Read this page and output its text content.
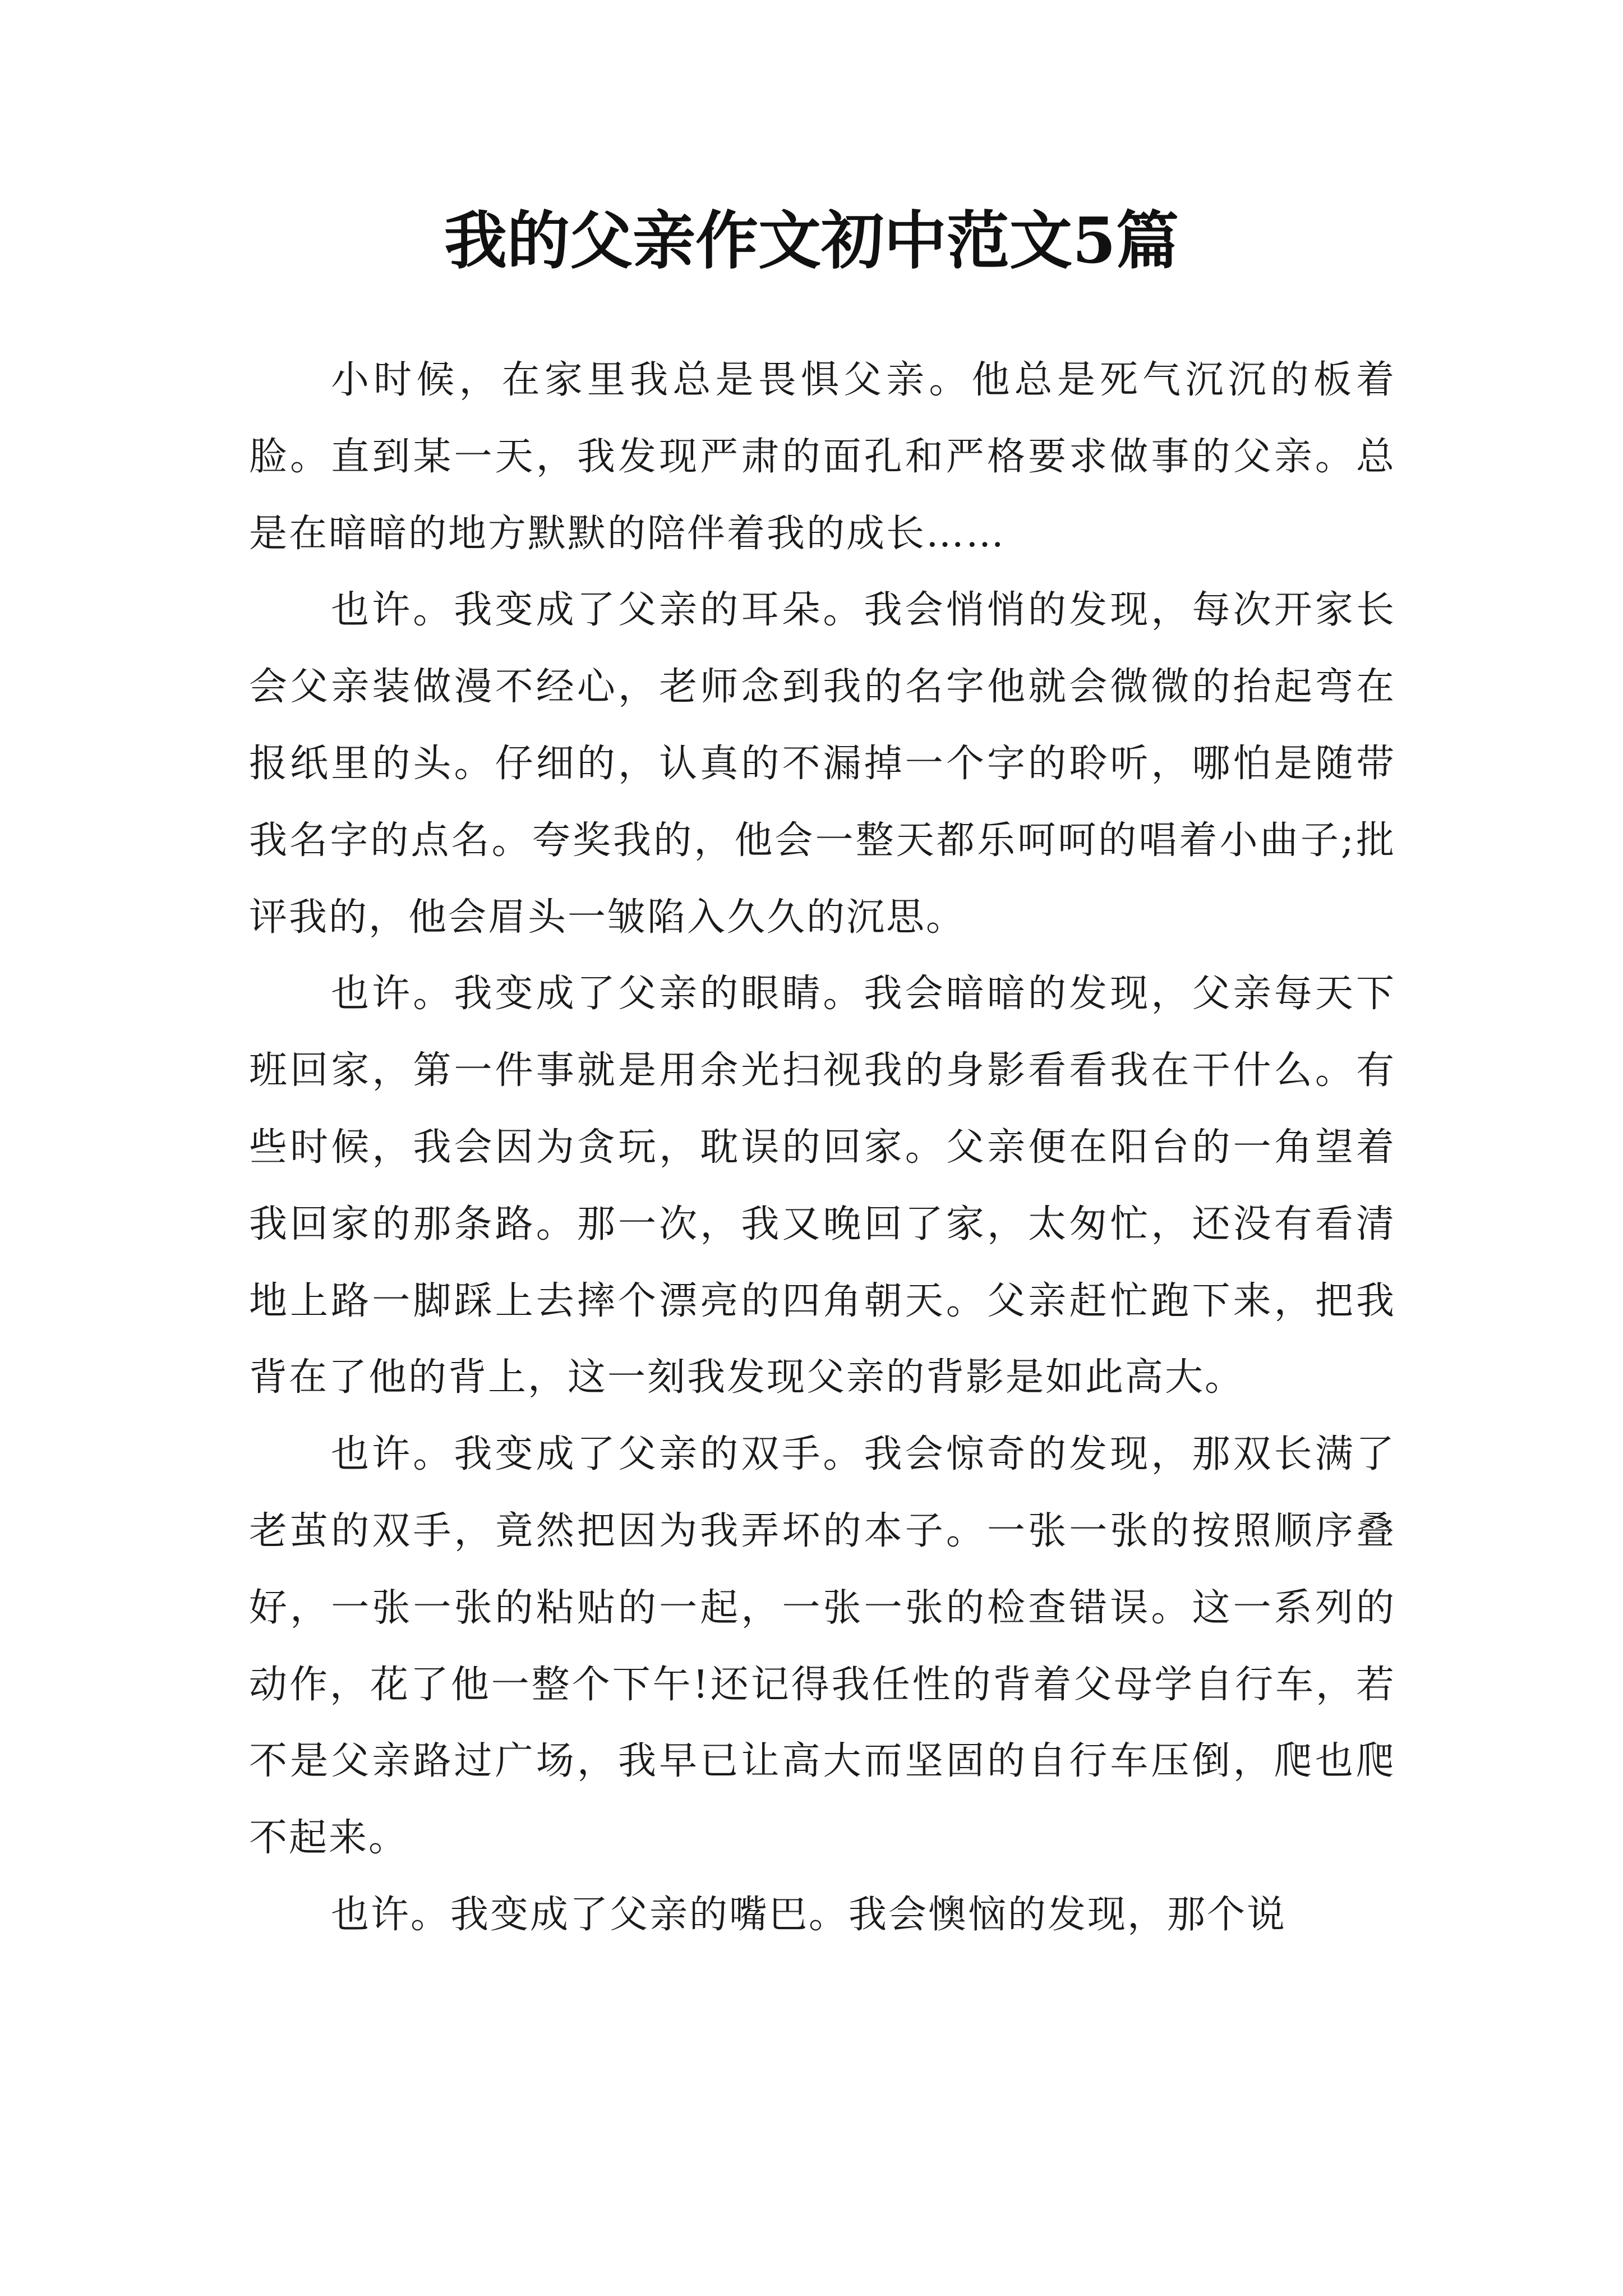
我的父亲作文初中范文5篇

小时候，在家里我总是畏惧父亲。他总是死气沉沉的板着脸。直到某一天，我发现严肃的面孔和严格要求做事的父亲。总是在暗暗的地方默默的陪伴着我的成长……

也许。我变成了父亲的耳朵。我会悄悄的发现，每次开家长会父亲装做漫不经心，老师念到我的名字他就会微微的抬起弯在报纸里的头。仔细的，认真的不漏掉一个字的聆听，哪怕是随带我名字的点名。夸奖我的，他会一整天都乐呵呵的唱着小曲子;批评我的，他会眉头一皱陷入久久的沉思。

也许。我变成了父亲的眼睛。我会暗暗的发现，父亲每天下班回家，第一件事就是用余光扫视我的身影看看我在干什么。有些时候，我会因为贪玩，耽误的回家。父亲便在阳台的一角望着我回家的那条路。那一次，我又晚回了家，太匆忙，还没有看清地上路一脚踩上去摔个漂亮的四角朝天。父亲赶忙跑下来，把我背在了他的背上，这一刻我发现父亲的背影是如此高大。

也许。我变成了父亲的双手。我会惊奇的发现，那双长满了老茧的双手，竟然把因为我弄坏的本子。一张一张的按照顺序叠好，一张一张的粘贴的一起，一张一张的检查错误。这一系列的动作，花了他一整个下午!还记得我任性的背着父母学自行车，若不是父亲路过广场，我早已让高大而坚固的自行车压倒，爬也爬不起来。

也许。我变成了父亲的嘴巴。我会懊恼的发现，那个说
